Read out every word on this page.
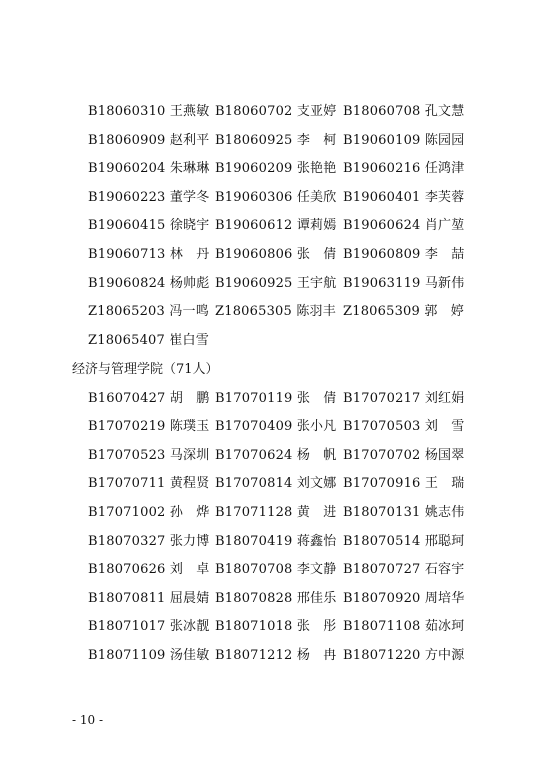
B18060310 王燕敏 B18060702 支亚婷 B18060708 孔文慧
B18060909 赵利平 B18060925 李　柯 B19060109 陈园园
B19060204 朱琳琳 B19060209 张艳艳 B19060216 任鸿津
B19060223 董学冬 B19060306 任美欣 B19060401 李芙蓉
B19060415 徐晓宇 B19060612 谭莉嫣 B19060624 肖广堃
B19060713 林　丹 B19060806 张　倩 B19060809 李　喆
B19060824 杨帅彪 B19060925 王宇航 B19063119 马新伟
Z18065203 冯一鸣 Z18065305 陈羽丰 Z18065309 郭　婷
Z18065407 崔白雪
经济与管理学院（71人）
B16070427 胡　鹏 B17070119 张　倩 B17070217 刘红娟
B17070219 陈璞玉 B17070409 张小凡 B17070503 刘　雪
B17070523 马深圳 B17070624 杨　帆 B17070702 杨国翠
B17070711 黄程贤 B17070814 刘文娜 B17070916 王　瑞
B17071002 孙　烨 B17071128 黄　进 B18070131 姚志伟
B18070327 张力博 B18070419 蒋鑫怡 B18070514 邢聪珂
B18070626 刘　卓 B18070708 李文静 B18070727 石容宇
B18070811 屈晨婧 B18070828 邢佳乐 B18070920 周培华
B18071017 张冰靓 B18071018 张　彤 B18071108 茹冰珂
B18071109 汤佳敏 B18071212 杨　冉 B18071220 方中源
- 10 -
